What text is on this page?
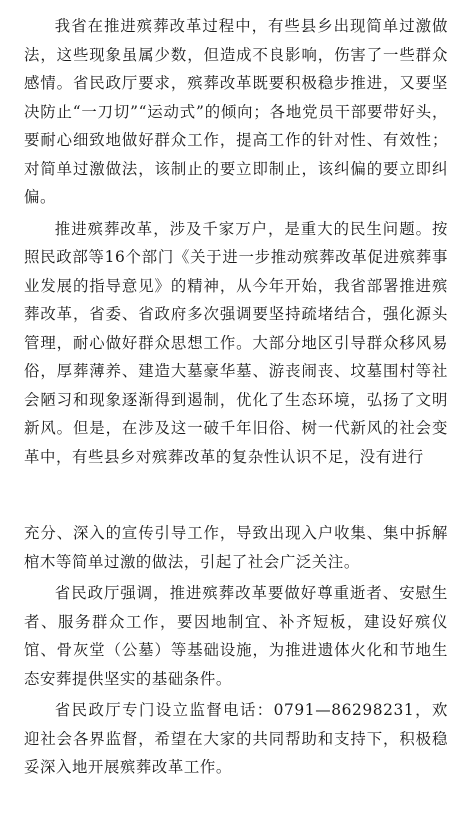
我省在推进殡葬改革过程中，有些县乡出现简单过激做法，这些现象虽属少数，但造成不良影响，伤害了一些群众感情。省民政厅要求，殡葬改革既要积极稳步推进，又要坚决防止“一刀切”“运动式”的倾向；各地党员干部要带好头，要耐心细致地做好群众工作，提高工作的针对性、有效性；对简单过激做法，该制止的要立即制止，该纠偏的要立即纠偏。

推进殡葬改革，涉及千家万户，是重大的民生问题。按照民政部等16个部门《关于进一步推动殡葬改革促进殡葬事业发展的指导意见》的精神，从今年开始，我省部署推进殡葬改革，省委、省政府多次强调要坚持疏堵结合，强化源头管理，耐心做好群众思想工作。大部分地区引导群众移风易俗，厚葬薄养、建造大墓豪华墓、游丧闹丧、坟墓围村等社会陋习和现象逐渐得到遏制，优化了生态环境，弘扬了文明新风。但是，在涉及这一破千年旧俗、树一代新风的社会变革中，有些县乡对殡葬改革的复杂性认识不足，没有进行

充分、深入的宣传引导工作，导致出现入户收集、集中拆解棺木等简单过激的做法，引起了社会广泛关注。

省民政厅强调，推进殡葬改革要做好尊重逝者、安慰生者、服务群众工作，要因地制宜、补齐短板，建设好殡仪馆、骨灰堂（公墓）等基础设施，为推进遗体火化和节地生态安葬提供坚实的基础条件。

省民政厅专门设立监督电话：0791—86298231，欢迎社会各界监督，希望在大家的共同帮助和支持下，积极稳妥深入地开展殡葬改革工作。
